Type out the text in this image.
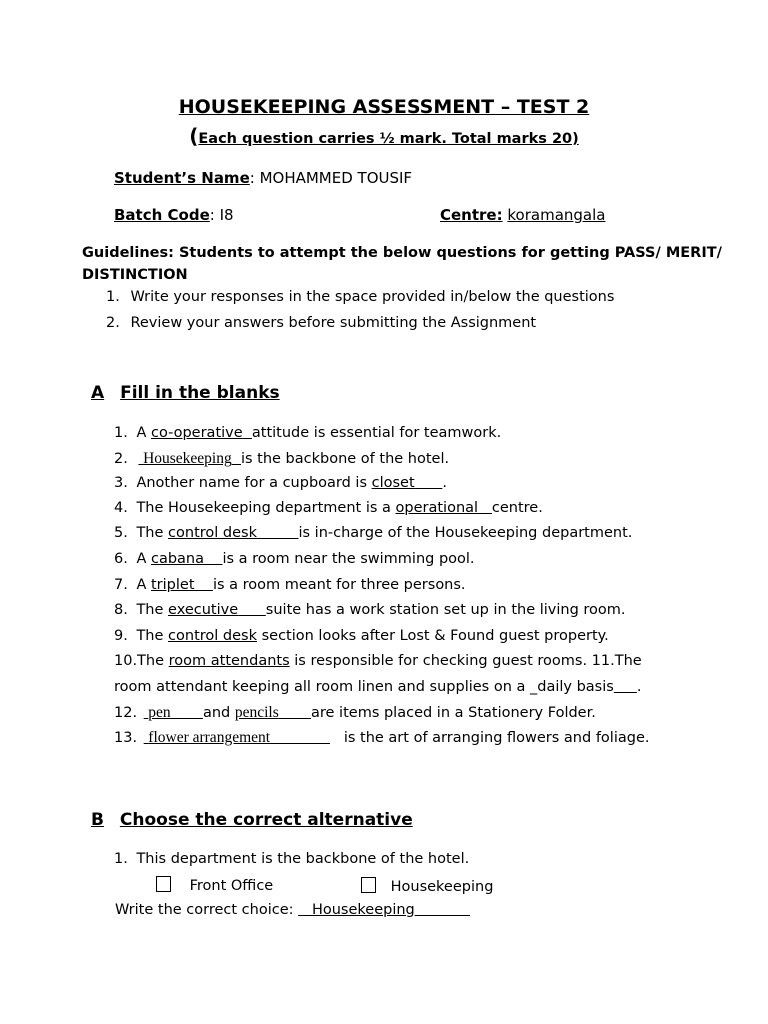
HOUSEKEEPING ASSESSMENT – TEST 2
(Each question carries ½ mark. Total marks 20)
Student’s Name: MOHAMMED TOUSIF
Batch Code: I8	Centre: koramangala
Guidelines: Students to attempt the below questions for getting PASS/ MERIT/
DISTINCTION
1. Write your responses in the space provided in/below the questions
2. Review your answers before submitting the Assignment
A Fill in the blanks
1. A co-operative attitude is essential for teamwork.
2. Housekeeping is the backbone of the hotel.
3. Another name for a cupboard is closet .
4. The Housekeeping department is a operational centre.
5. The control desk	is in-charge of the Housekeeping department.
6. A cabana is a room near the swimming pool.
7. A triplet is a room meant for three persons.
8. The executive suite has a work station set up in the living room.
9. The control desk section looks after Lost & Found guest property.
10.The room attendants is responsible for checking guest rooms. 11.The
room attendant keeping all room linen and supplies on a _daily basis .
12. pen and pencils are items placed in a Stationery Folder.
13. flower arrangement	is the art of arranging flowers and foliage.
B Choose the correct alternative
1. This department is the backbone of the hotel.
Front Office	Housekeeping
Write the correct choice: Housekeeping
